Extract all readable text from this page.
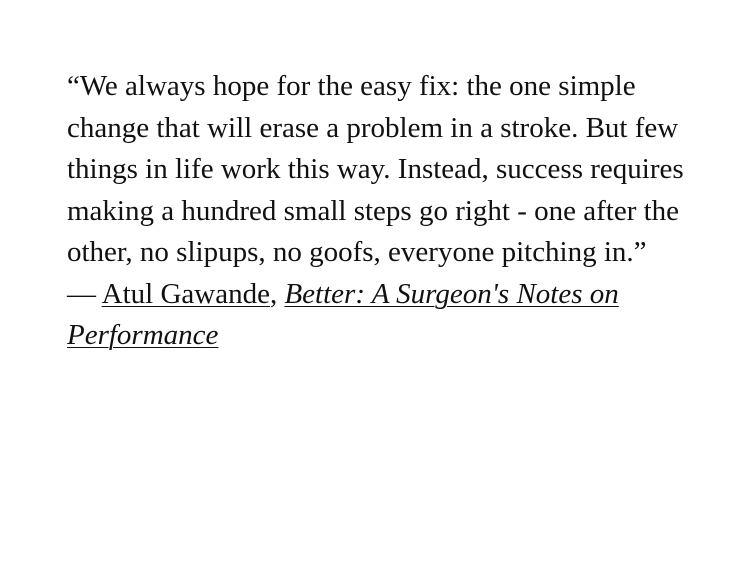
“We always hope for the easy fix: the one simple change that will erase a problem in a stroke. But few things in life work this way. Instead, success requires making a hundred small steps go right - one after the other, no slipups, no goofs, everyone pitching in.”

— Atul Gawande, Better: A Surgeon's Notes on Performance
